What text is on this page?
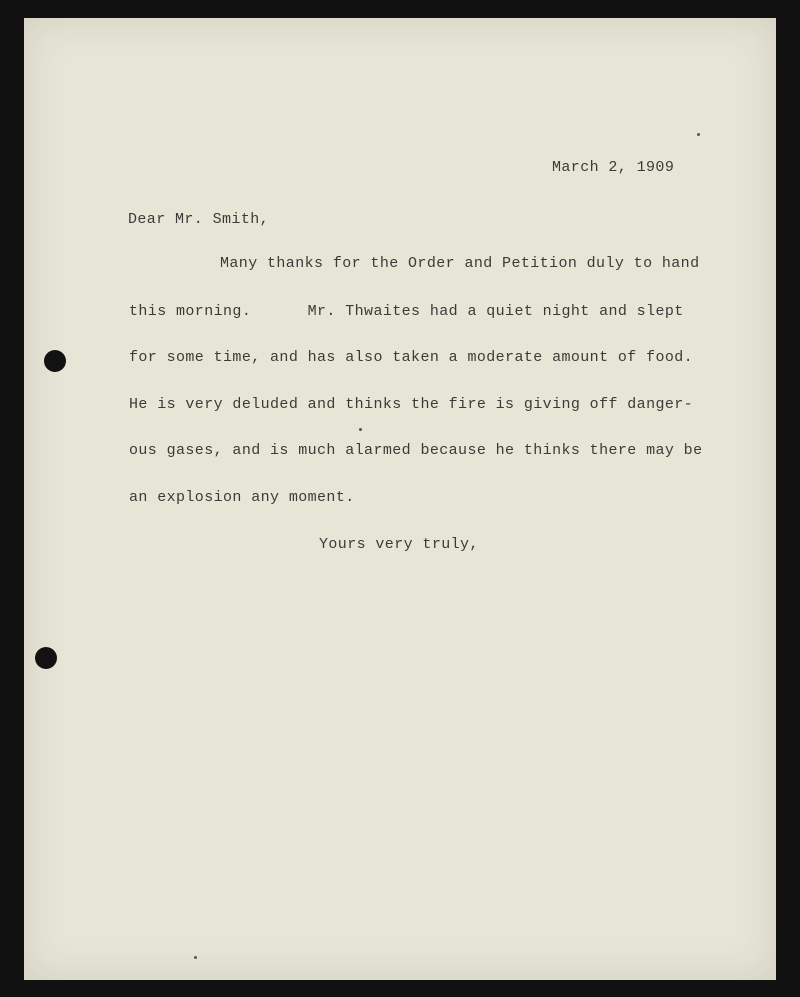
March 2, 1909
Dear Mr. Smith,
Many thanks for the Order and Petition duly to hand
this morning.      Mr. Thwaites had a quiet night and slept
for some time, and has also taken a moderate amount of food.
He is very deluded and thinks the fire is giving off danger-
ous gases, and is much alarmed because he thinks there may be
an explosion any moment.
Yours very truly,
